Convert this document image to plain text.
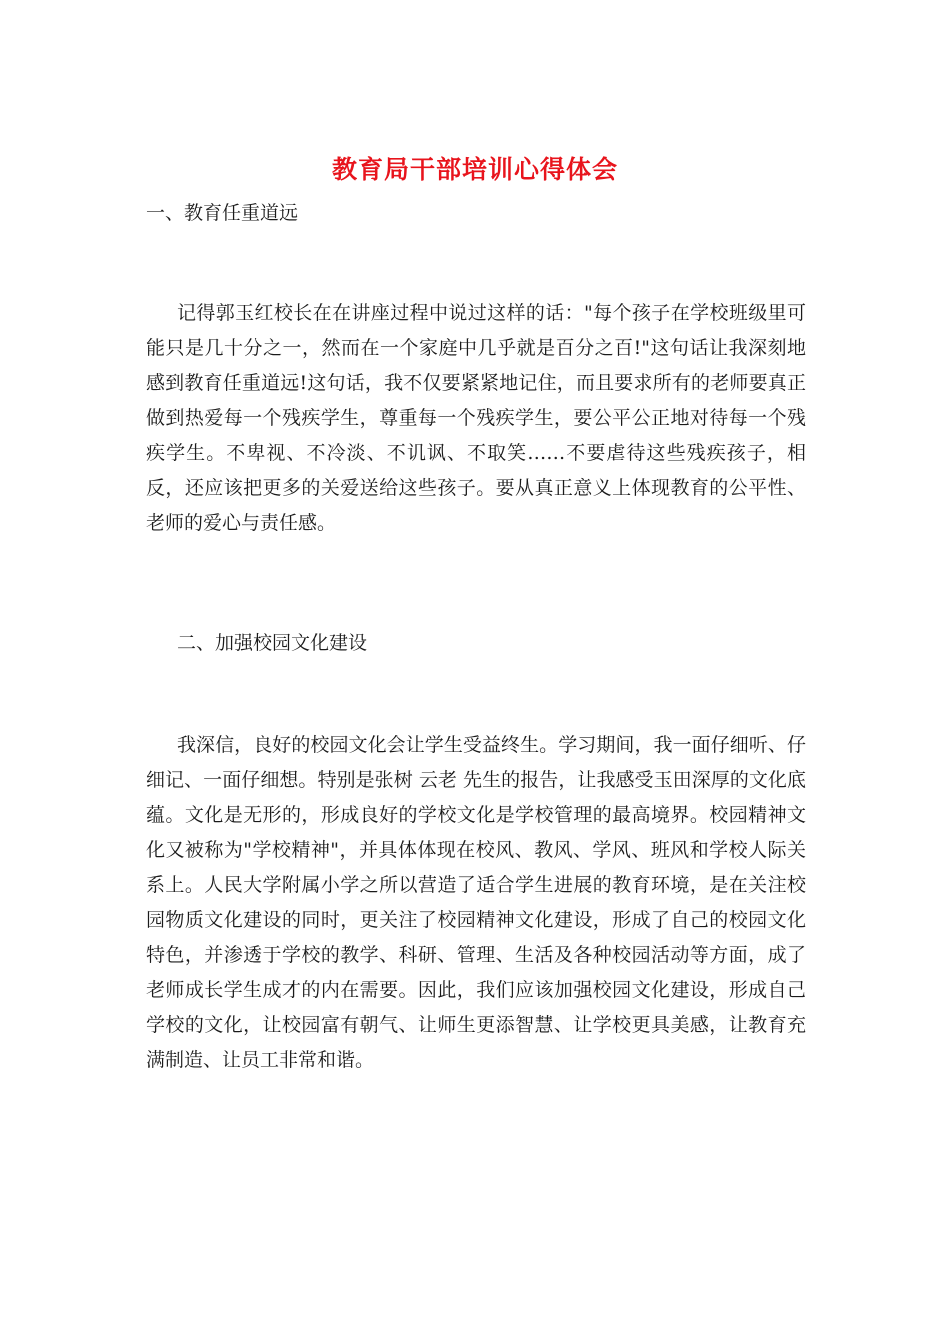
教育局干部培训心得体会
一、教育任重道远

记得郭玉红校长在在讲座过程中说过这样的话："每个孩子在学校班级里可能只是几十分之一，然而在一个家庭中几乎就是百分之百!"这句话让我深刻地感到教育任重道远!这句话，我不仅要紧紧地记住，而且要求所有的老师要真正做到热爱每一个残疾学生，尊重每一个残疾学生，要公平公正地对待每一个残疾学生。不卑视、不冷淡、不讥讽、不取笑……不要虐待这些残疾孩子，相反，还应该把更多的关爱送给这些孩子。要从真正意义上体现教育的公平性、老师的爱心与责任感。

二、加强校园文化建设

我深信，良好的校园文化会让学生受益终生。学习期间，我一面仔细听、仔细记、一面仔细想。特别是张树 云老 先生的报告，让我感受玉田深厚的文化底蕴。文化是无形的，形成良好的学校文化是学校管理的最高境界。校园精神文化又被称为"学校精神"，并具体体现在校风、教风、学风、班风和学校人际关系上。人民大学附属小学之所以营造了适合学生进展的教育环境，是在关注校园物质文化建设的同时，更关注了校园精神文化建设，形成了自己的校园文化特色，并渗透于学校的教学、科研、管理、生活及各种校园活动等方面，成了老师成长学生成才的内在需要。因此，我们应该加强校园文化建设，形成自己学校的文化，让校园富有朝气、让师生更添智慧、让学校更具美感，让教育充满制造、让员工非常和谐。
